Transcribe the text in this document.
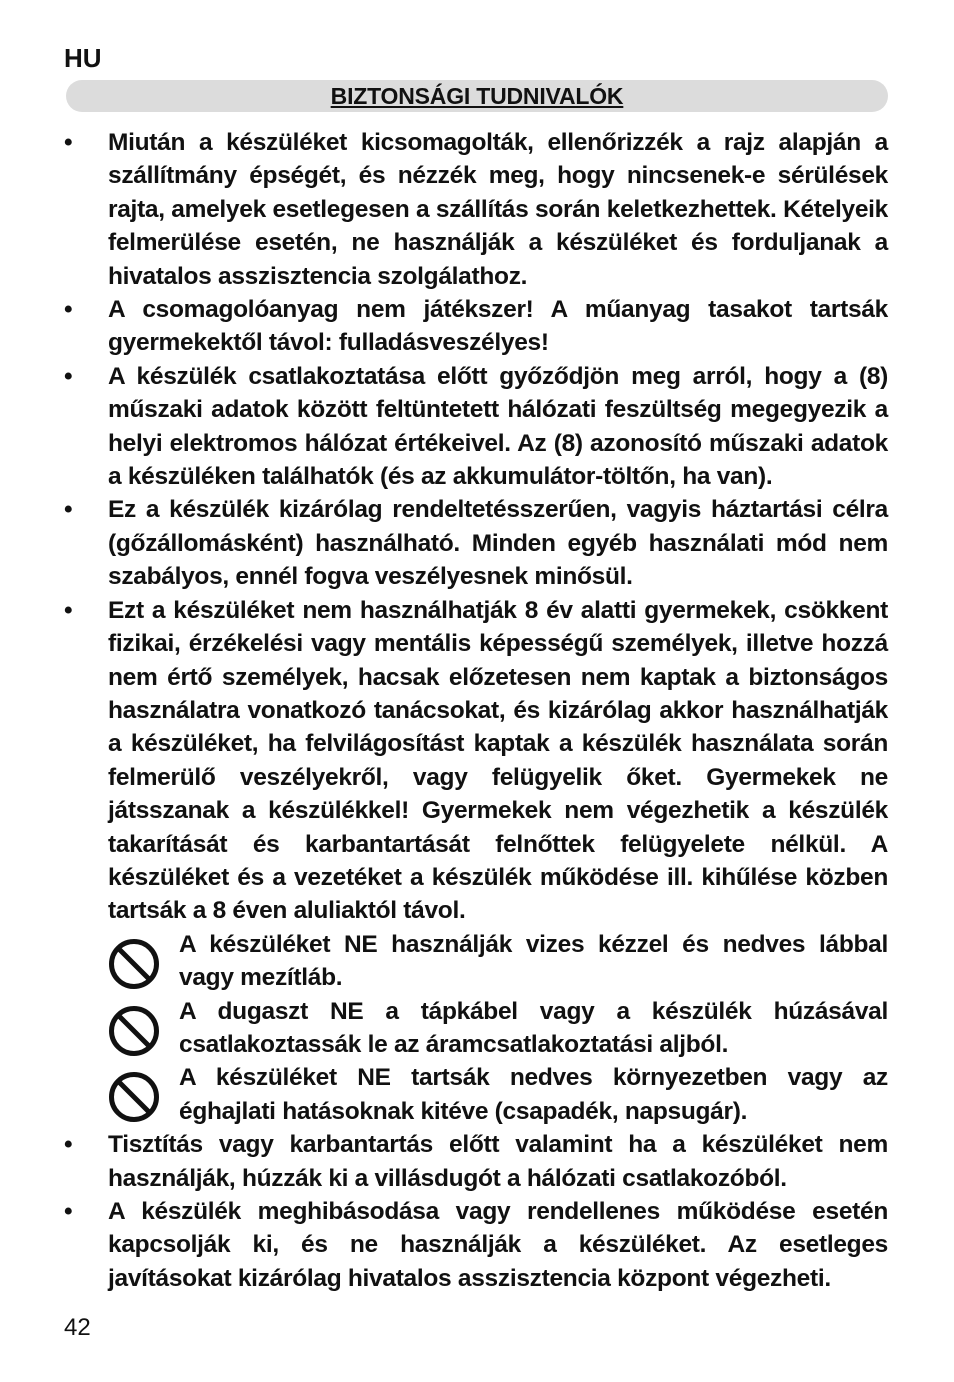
HU
BIZTONSÁGI TUDNIVALÓK
•	Miután a készüléket kicsomagolták, ellenőrizzék a rajz alapján a szállítmány épségét, és nézzék meg, hogy nincsenek-e sérülések rajta, amelyek esetlegesen a szállítás során keletkezhettek. Kételyeik felmerülése esetén, ne használják a készüléket és forduljanak a hivatalos asszisztencia szolgálathoz.
•	A csomagolóanyag nem játékszer! A műanyag tasakot tartsák gyermekektől távol: fulladásveszélyes!
•	A készülék csatlakoztatása előtt győződjön meg arról, hogy a (8) műszaki adatok között feltüntetett hálózati feszültség megegyezik a helyi elektromos hálózat értékeivel. Az (8) azonosító műszaki adatok a készüléken találhatók (és az akkumulátor-töltőn, ha van).
•	Ez a készülék kizárólag rendeltetésszerűen, vagyis háztartási célra (gőzállomásként) használható. Minden egyéb használati mód nem szabályos, ennél fogva veszélyesnek minősül.
•	Ezt a készüléket nem használhatják 8 év alatti gyermekek, csökkent fizikai, érzékelési vagy mentális képességű személyek, illetve hozzá nem értő személyek, hacsak előzetesen nem kaptak a biztonságos használatra vonatkozó tanácsokat, és kizárólag akkor használhatják a készüléket, ha felvilágosítást kaptak a készülék használata során felmerülő veszélyekről, vagy felügyelik őket. Gyermekek ne játsszanak a készülékkel! Gyermekek nem végezhetik a készülék takarítását és karbantartását felnőttek felügyelete nélkül. A készüléket és a vezetéket a készülék működése ill. kihűlése közben tartsák a 8 éven aluliaktól távol.
A készüléket NE használják vizes kézzel és nedves lábbal vagy mezítláb.
A dugaszt NE a tápkábel vagy a készülék húzásával csatlakoztassák le az áramcsatlakoztatási aljból.
A készüléket NE tartsák nedves környezetben vagy az éghajlati hatásoknak kitéve (csapadék, napsugár).
•	Tisztítás vagy karbantartás előtt valamint ha a készüléket nem használják, húzzák ki a villásdugót a hálózati csatlakozóból.
•	A készülék meghibásodása vagy rendellenes működése esetén kapcsolják ki, és ne használják a készüléket. Az esetleges javításokat kizárólag hivatalos asszisztencia központ végezheti.
42
